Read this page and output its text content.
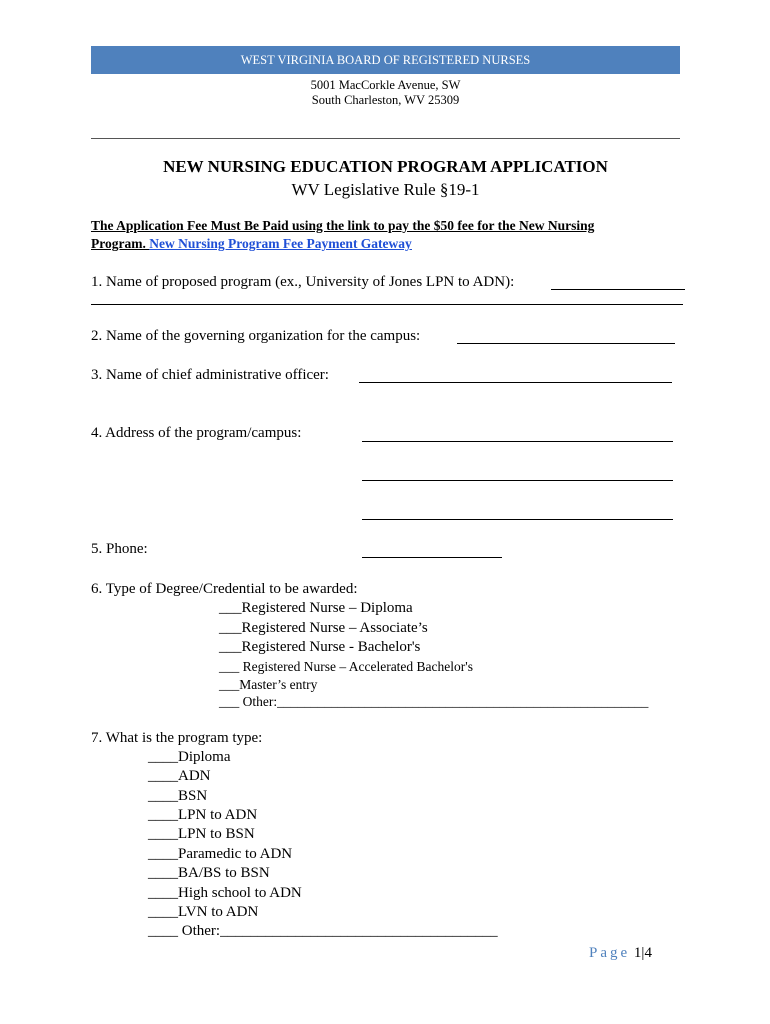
WEST VIRGINIA BOARD OF REGISTERED NURSES
5001 MacCorkle Avenue, SW
South Charleston, WV 25309
NEW NURSING EDUCATION PROGRAM APPLICATION
WV Legislative Rule §19-1
The Application Fee Must Be Paid using the link to pay the $50 fee for the New Nursing
Program. New Nursing Program Fee Payment Gateway
1. Name of proposed program (ex., University of Jones LPN to ADN):
2. Name of the governing organization for the campus:
3. Name of chief administrative officer:
4. Address of the program/campus:
5. Phone:
6. Type of Degree/Credential to be awarded:
___Registered Nurse – Diploma
___Registered Nurse – Associate’s
___Registered Nurse - Bachelor's
___ Registered Nurse – Accelerated Bachelor's
___Master’s entry
___ Other:_______________________________________________________
7. What is the program type:
____Diploma
____ADN
____BSN
____LPN to ADN
____LPN to BSN
____Paramedic to ADN
____BA/BS to BSN
____High school to ADN
____LVN to ADN
____ Other:_____________________________________
Page 1|4
